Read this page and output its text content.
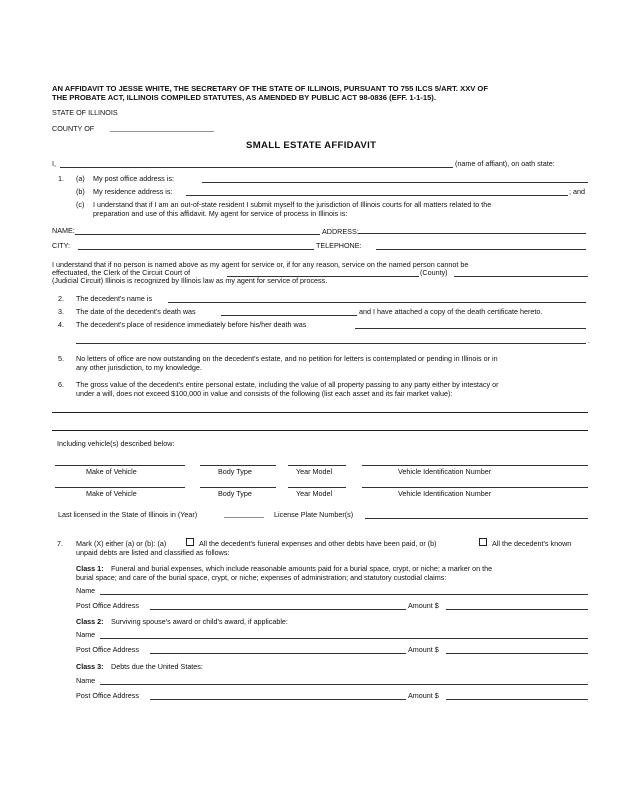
AN AFFIDAVIT TO JESSE WHITE, THE SECRETARY OF THE STATE OF ILLINOIS, PURSUANT TO 755 ILCS 5/ART. XXV OF
THE PROBATE ACT, ILLINOIS COMPILED STATUTES, AS AMENDED BY PUBLIC ACT 98-0836 (EFF. 1-1-15).
STATE OF ILLINOIS
COUNTY OF __________________________
SMALL ESTATE AFFIDAVIT
I,	(name of affiant), on oath state:
1. (a) My post office address is:
(b) My residence address is:	; and
(c) I understand that if I am an out-of-state resident I submit myself to the jurisdiction of Illinois courts for all matters related to the
preparation and use of this affidavit. My agent for service of process in Illinois is:
NAME:	ADDRESS:
CITY:	TELEPHONE:
I understand that if no person is named above as my agent for service or, if for any reason, service on the named person cannot be
effectuated, the Clerk of the Circuit Court of	(County)
(Judicial Circuit) Illinois is recognized by Illinois law as my agent for service of process.
2. The decedent's name is
3. The date of the decedent's death was	and I have attached a copy of the death certificate hereto.
4. The decedent's place of residence immediately before his/her death was
.
5. No letters of office are now outstanding on the decedent's estate, and no petition for letters is contemplated or pending in Illinois or in
any other jurisdiction, to my knowledge.
6. The gross value of the decedent's entire personal estate, including the value of all property passing to any party either by intestacy or
under a will, does not exceed $100,000 in value and consists of the following (list each asset and its fair market value):
Including vehicle(s) described below:
Make of Vehicle	Body Type	Year Model	Vehicle Identification Number
Make of Vehicle	Body Type	Year Model	Vehicle Identification Number
Last licensed in the State of Illinois in (Year)	__________ License Plate Number(s)
7. Mark (X) either (a) or (b): (a)	All the decedent's funeral expenses and other debts have been paid, or (b)	All the decedent's known
unpaid debts are listed and classified as follows:
Class 1: Funeral and burial expenses, which include reasonable amounts paid for a burial space, crypt, or niche; a marker on the
burial space; and care of the burial space, crypt, or niche; expenses of administration; and statutory custodial claims:
Name
Post Office Address	Amount $
Class 2: Surviving spouse's award or child's award, if applicable:
Name
Post Office Address	Amount $
Class 3: Debts due the United States:
Name
Post Office Address	Amount $
